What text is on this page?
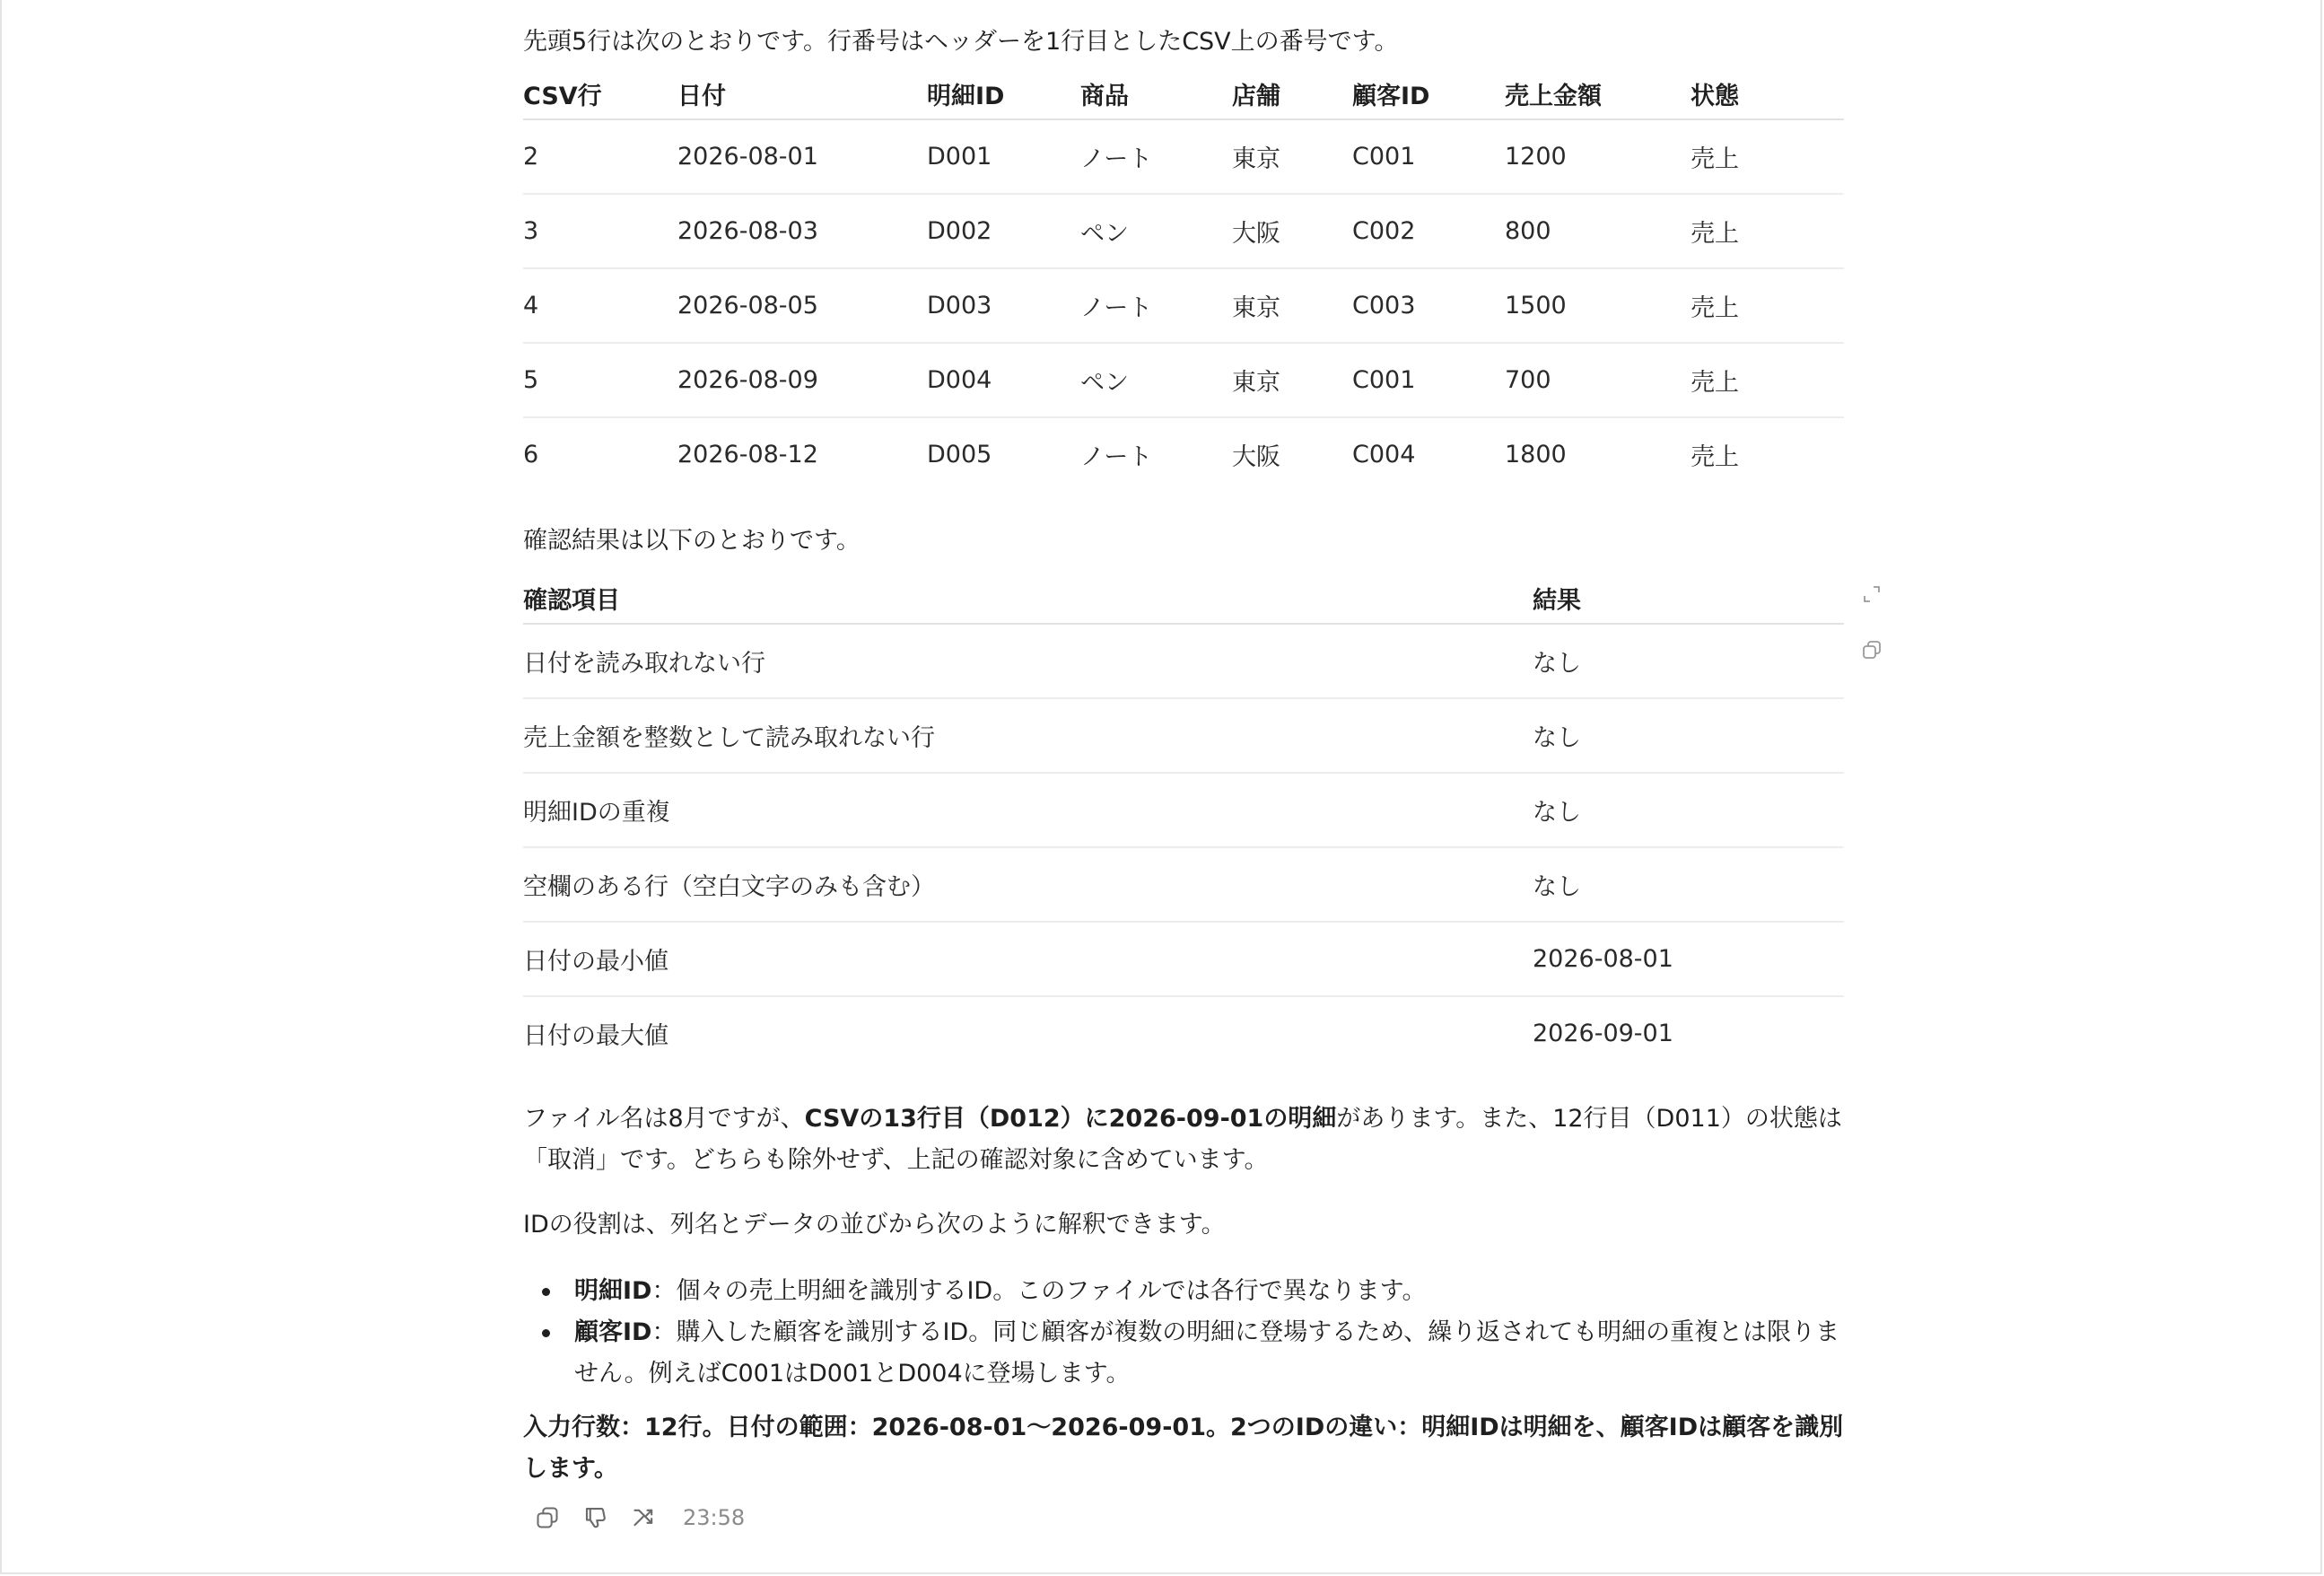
先頭5行は次のとおりです。行番号はヘッダーを1行目としたCSV上の番号です。

CSV行	日付	明細ID	商品	店舗	顧客ID	売上金額	状態
2	2026-08-01	D001	ノート	東京	C001	1200	売上
3	2026-08-03	D002	ペン	大阪	C002	800	売上
4	2026-08-05	D003	ノート	東京	C003	1500	売上
5	2026-08-09	D004	ペン	東京	C001	700	売上
6	2026-08-12	D005	ノート	大阪	C004	1800	売上

確認結果は以下のとおりです。

確認項目	結果
日付を読み取れない行	なし
売上金額を整数として読み取れない行	なし
明細IDの重複	なし
空欄のある行（空白文字のみも含む）	なし
日付の最小値	2026-08-01
日付の最大値	2026-09-01
ファイル名は8月ですが、CSVの13行目（D012）に2026-09-01の明細があります。また、12行目（D011）の状態は「取消」です。どちらも除外せず、上記の確認対象に含めています。
IDの役割は、列名とデータの並びから次のように解釈できます。
明細ID：個々の売上明細を識別するID。このファイルでは各行で異なります。
顧客ID：購入した顧客を識別するID。同じ顧客が複数の明細に登場するため、繰り返されても明細の重複とは限りません。例えばC001はD001とD004に登場します。
入力行数：12行。日付の範囲：2026-08-01〜2026-09-01。2つのIDの違い：明細IDは明細を、顧客IDは顧客を識別します。
23:58
